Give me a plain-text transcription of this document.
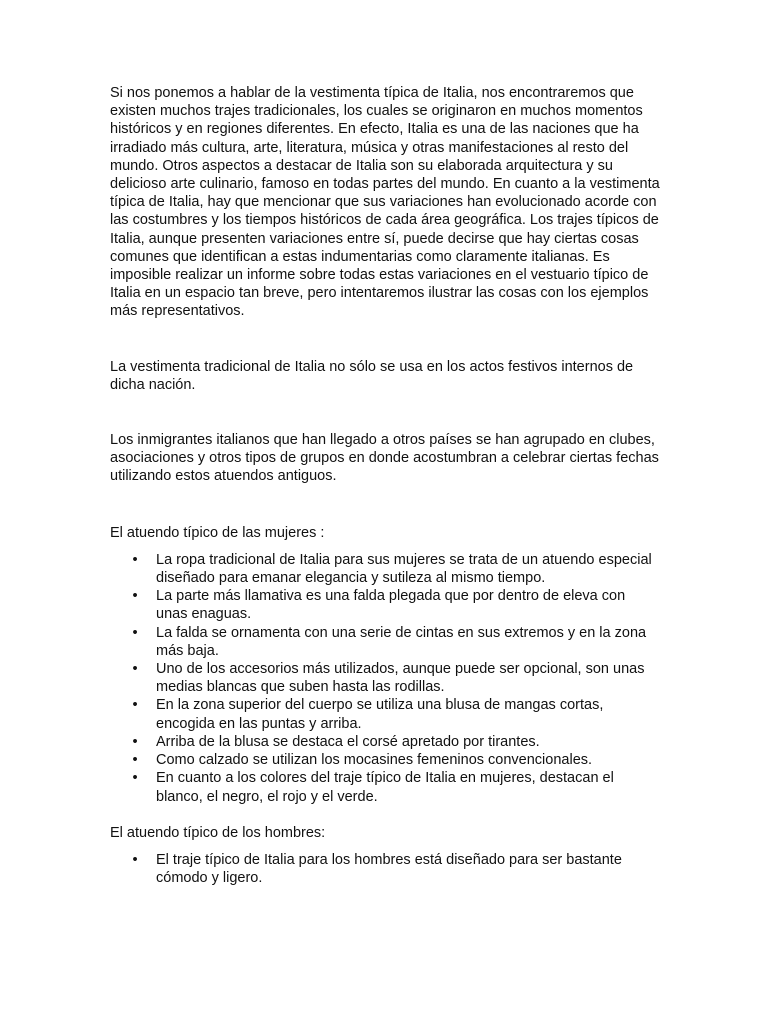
Si nos ponemos a hablar de la vestimenta típica de Italia, nos encontraremos que existen muchos trajes tradicionales, los cuales se originaron en muchos momentos históricos y en regiones diferentes. En efecto, Italia es una de las naciones que ha irradiado más cultura, arte, literatura, música y otras manifestaciones al resto del mundo. Otros aspectos a destacar de Italia son su elaborada arquitectura y su delicioso arte culinario, famoso en todas partes del mundo. En cuanto a la vestimenta típica de Italia, hay que mencionar que sus variaciones han evolucionado acorde con las costumbres y los tiempos históricos de cada área geográfica. Los trajes típicos de Italia, aunque presenten variaciones entre sí, puede decirse que hay ciertas cosas comunes que identifican a estas indumentarias como claramente italianas. Es imposible realizar un informe sobre todas estas variaciones en el vestuario típico de Italia en un espacio tan breve, pero intentaremos ilustrar las cosas con los ejemplos más representativos.

La vestimenta tradicional de Italia no sólo se usa en los actos festivos internos de dicha nación.

Los inmigrantes italianos que han llegado a otros países se han agrupado en clubes, asociaciones y otros tipos de grupos en donde acostumbran a celebrar ciertas fechas utilizando estos atuendos antiguos.

El atuendo típico de las mujeres :

• La ropa tradicional de Italia para sus mujeres se trata de un atuendo especial diseñado para emanar elegancia y sutileza al mismo tiempo.
• La parte más llamativa es una falda plegada que por dentro de eleva con unas enaguas.
• La falda se ornamenta con una serie de cintas en sus extremos y en la zona más baja.
• Uno de los accesorios más utilizados, aunque puede ser opcional, son unas medias blancas que suben hasta las rodillas.
• En la zona superior del cuerpo se utiliza una blusa de mangas cortas, encogida en las puntas y arriba.
• Arriba de la blusa se destaca el corsé apretado por tirantes.
• Como calzado se utilizan los mocasines femeninos convencionales.
• En cuanto a los colores del traje típico de Italia en mujeres, destacan el blanco, el negro, el rojo y el verde.

El atuendo típico de los hombres:

• El traje típico de Italia para los hombres está diseñado para ser bastante cómodo y ligero.
